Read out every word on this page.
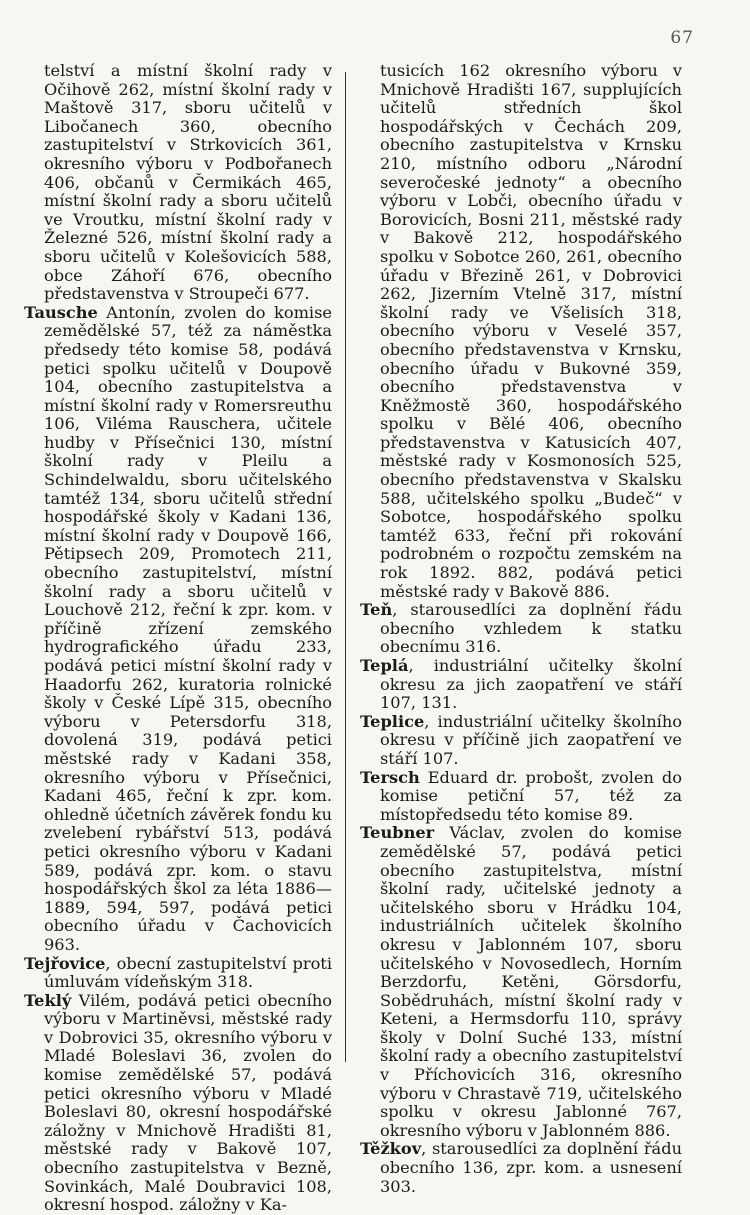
67

telství a místní školní rady v Očihově 262, místní školní rady v Maštově 317, sboru učitelů v Libočanech 360, obecního zastupitelství v Strkovicích 361, okresního výboru v Podbořanech 406, občanů v Čermikách 465, místní školní rady a sboru učitelů ve Vroutku, místní školní rady v Železné 526, místní školní rady a sboru učitelů v Kolešovicích 588, obce Záhoří 676, obecního představenstva v Stroupeči 677.

Tausche Antonín, zvolen do komise zemědělské 57, též za náměstka předsedy této komise 58, podává petici spolku učitelů v Doupově 104, obecního zastupitelstva a místní školní rady v Romersreuthu 106, Viléma Rauschera, učitele hudby v Přísečnici 130, místní školní rady v Pleilu a Schindelwaldu, sboru učitelského tamtéž 134, sboru učitelů střední hospodářské školy v Kadani 136, místní školní rady v Doupově 166, Pětipsech 209, Promotech 211, obecního zastupitelství, místní školní rady a sboru učitelů v Louchově 212, řeční k zpr. kom. v příčině zřízení zemského hydrografického úřadu 233, podává petici místní školní rady v Haadorfu 262, kuratoria rolnické školy v České Lípě 315, obecního výboru v Petersdorfu 318, dovolená 319, podává petici městské rady v Kadani 358, okresního výboru v Přísečnici, Kadani 465, řeční k zpr. kom. ohledně účetních závěrek fondu ku zvelebení rybářství 513, podává petici okresního výboru v Kadani 589, podává zpr. kom. o stavu hospodářských škol za léta 1886—1889, 594, 597, podává petici obecního úřadu v Čachovicích 963.

Tejřovice, obecní zastupitelství proti úmluvám vídeňským 318.

Teklý Vilém, podává petici obecního výboru v Martiněvsi, městské rady v Dobrovici 35, okresního výboru v Mladé Boleslavi 36, zvolen do komise zemědělské 57, podává petici okresního výboru v Mladé Boleslavi 80, okresní hospodářské záložny v Mnichově Hradišti 81, městské rady v Bakově 107, obecního zastupitelstva v Bezně, Sovinkách, Malé Doubravici 108, okresní hospod. záložny v Ka-

tusicích 162 okresního výboru v Mnichově Hradišti 167, supplujících učitelů středních škol hospodářských v Čechách 209, obecního zastupitelstva v Krnsku 210, místního odboru „Národní severočeské jednoty“ a obecního výboru v Lobči, obecního úřadu v Borovicích, Bosni 211, městské rady v Bakově 212, hospodářského spolku v Sobotce 260, 261, obecního úřadu v Březině 261, v Dobrovici 262, Jizerním Vtelně 317, místní školní rady ve Všelisích 318, obecního výboru v Veselé 357, obecního představenstva v Krnsku, obecního úřadu v Bukovné 359, obecního představenstva v Kněžmostě 360, hospodářského spolku v Bělé 406, obecního představenstva v Katusicích 407, městské rady v Kosmonosích 525, obecního představenstva v Skalsku 588, učitelského spolku „Budeč“ v Sobotce, hospodářského spolku tamtéž 633, řeční při rokování podrobném o rozpočtu zemském na rok 1892. 882, podává petici městské rady v Bakově 886.

Teň, starousedlíci za doplnění řádu obecního vzhledem k statku obecnímu 316.

Teplá, industriální učitelky školní okresu za jich zaopatření ve stáří 107, 131.

Teplice, industriální učitelky školního okresu v příčině jich zaopatření ve stáří 107.

Tersch Eduard dr. probošt, zvolen do komise petiční 57, též za místopředsedu této komise 89.

Teubner Václav, zvolen do komise zemědělské 57, podává petici obecního zastupitelstva, místní školní rady, učitelské jednoty a učitelského sboru v Hrádku 104, industriálních učitelek školního okresu v Jablonném 107, sboru učitelského v Novosedlech, Horním Berzdorfu, Ketěni, Görsdorfu, Sobědruhách, místní školní rady v Keteni, a Hermsdorfu 110, správy školy v Dolní Suché 133, místní školní rady a obecního zastupitelství v Příchovicích 316, okresního výboru v Chrastavě 719, učitelského spolku v okresu Jablonné 767, okresního výboru v Jablonném 886.

Těžkov, starousedlíci za doplnění řádu obecního 136, zpr. kom. a usnesení 303.
